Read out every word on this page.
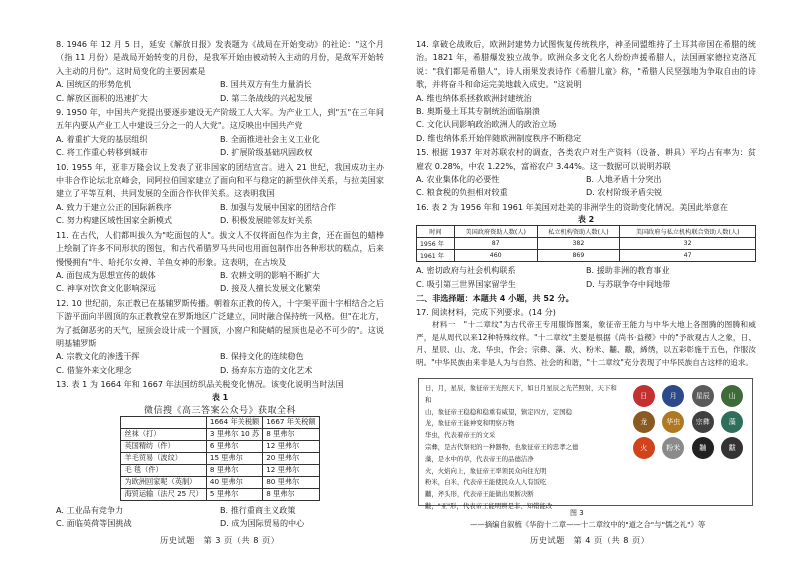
8. 1946 年 12 月 5 日，延安《解放日报》发表题为《战局在开始变动》的社论："这个月（指 11 月份）是战局开始转变的月份，是我军开始由被动转入主动的月份，是敌军开始转入主动的月份"。这时局变化的主要因素是

A. 国统区的形势危机	B. 国共双方有生力量消长
C. 解放区面积的迅速扩大	D. 第二条战线的兴起发展

9. 1950 年，中国共产党提出要逐步建设无产阶级工人大军。为产业工人，到"五"在三年间五年内要从产业工人中建设三分之一的人大党"。这反映出中国共产党

A. 着重扩大党的基层组织	B. 全面推进社会主义工业化
C. 将工作重心转移到城市	D. 扩展阶级基础巩固政权

10. 1955 年，亚非万隆会议上发表了亚非国家的团结宣言。进入 21 世纪，我国成功主办中非合作论坛北京峰会，同阿拉伯国家建立了面向和平与稳定的新型伙伴关系，与拉美国家建立了平等互利、共同发展的全面合作伙伴关系。这表明我国

A. 致力于建立公正的国际新秩序	B. 加强与发展中国家的团结合作
C. 努力构建区域性国家全新模式	D. 积极发展睦邻友好关系

11. 在古代，人们都叫拔久为"吃面包的人"。拔文人不仅将面包作为主食，还在面包的蜡棒上绘制了许多不同形状的图包，和古代希腊罗马共同也用面包制作出各种形状的糕点，后来慢慢拥有"牛、哈托尔女神、羊鱼女神的形象。这表明，在古埃及

A. 面包成为思想宣传的载体	B. 农耕文明的影响不断扩大
C. 神享对饮食文化影响深远	D. 接及人擅长发展文化繁荣

12. 10 世纪前，东正教已在基辅罗斯传播。朝着东正教的传入，十字架平面十字相结合之后下游平面向半圆顶的东正教教堂在罗斯地区广泛建立，同时融合保持统一风格。但"在北方，为了抵御恶劣的天气，屋顶会设计成一个圆顶，小窗户和陡峭的屋顶也是必不可少的"。这说明基辅罗斯

A. 宗教文化的渗透干挥	B. 保持文化的连续稳色
C. 借鉴外来文化理念	D. 扬弃东方造的文化艺术

13. 表 1 为 1664 年和 1667 年法国纺织品关税变化情况。该变化说明当时法国

表 1
微信搜《高三答案公众号》获取全科
	1664 年关税额	1667 年关税额
丝袜（打）	3 里弗尔 10 苏	8 里弗尔
英国精纺（件）	6 里弗尔	12 里弗尔
羊毛贸易（波纹）	15 里弗尔	20 里弗尔
毛 毯（件）	8 里弗尔	12 里弗尔
为欧洲回家呢（英制）	40 里弗尔	80 里弗尔
海贸运输（法尺 25 尺）	5 里弗尔	8 里弗尔
A. 工业品有竞争力	B. 推行重商主义政策
C. 面临英荷等国挑战	D. 成为国际贸易的中心
历史试题　第 3 页（共 8 页）

14. 拿破仑战败后，欧洲封建势力试图恢复传统秩序，神圣同盟维持了土耳其帝国在希腊的统治。1821 年，希腊爆发独立战争。欧洲众多文化名人纷纷声援希腊人，法国画家德拉克洛瓦说："我们都是希腊人"，诗人雨果发表诗作《希腊儿童》称，"希腊人民坚强地为争取自由的诗歌，并将奋斗和命运完美地载入成史。"这说明

A. 维也纳体系拯救欧洲封建统治
B. 奥斯曼土耳其专制统治面临崩溃
C. 文化认同影响政治欧洲人的政治立场
D. 维也纳体系开始伴随欧洲制度秩序不断稳定

15. 根据 1937 年对苏联农村的调查，各类农户对生产资料（设备、耕具）平均占有率为：贫雇农 0.28%，中农 1.22%，富裕农户 3.44%。这一数据可以说明苏联

A. 农业集体化的必要性	B. 人地矛盾十分突出
C. 粮食税的负担相对较重	D. 农村阶级矛盾尖锐

16. 表 2 为 1956 年和 1961 年美国对赴美的非洲学生的资助变化情况。美国此举意在

表 2
时间	美国政府资助人数(人)	私立机构资助人数(人)	美国政府与私立机构联合资助人数(人)
1956 年	87	382	32
1961 年	460	869	47
A. 密切政府与社会机构联系	B. 援助非洲的教育事业
C. 吸引第三世界国家留学生	D. 与苏联争夺中间地带
二、非选择题：本题共 4 小题，共 52 分。
17. 阅读材料，完成下列要求。(14 分)

材料一　"十二章纹"为古代帝王专用服饰图案，象征帝王能力与中华大地上各图腾的图腾和威严，是从周代以来12种特殊纹样。"十二章纹"主要是根据《尚书·益稷》中的"予欲观古人之象，日、月、星辰、山、龙、华虫，作会；宗彝、藻、火、粉米、黼、黻，絺绣，以五彩彰施于五色，作服汝明。"中华民族由来非是人为与自然、社会的和谐，"十二章纹"充分表现了中华民族自古这样的追求。

日，月，星辰，象征帝王光照天下，如日月星辰之光芒照射，天下和和
山，象征帝王稳稳和稳重有威望，镇定四方，定国稳
龙，象征帝王能神变和明察万物
华虫，代表着帝王的文采
宗彝，是古代祭祀的一种器物，也象征帝王的忠孝之德
藻，是水中的草，代表帝王的品德洁净
火，火焰向上，象征帝王率领民众向往光明
粉米，白米，代表帝王能使民众人人有饭吃
黼，斧头形，代表帝王能做出果断决断
黻，"亚"形，代表帝王能明辨是非、知错能改
日	月	星辰	山
龙	华虫	宗彝	藻
火	粉米	黼	黻
图 3
——摘编自叙梳《华韵十二章——十二章纹中的"道之合"与"儒之礼"》等
历史试题　第 4 页（共 8 页）
